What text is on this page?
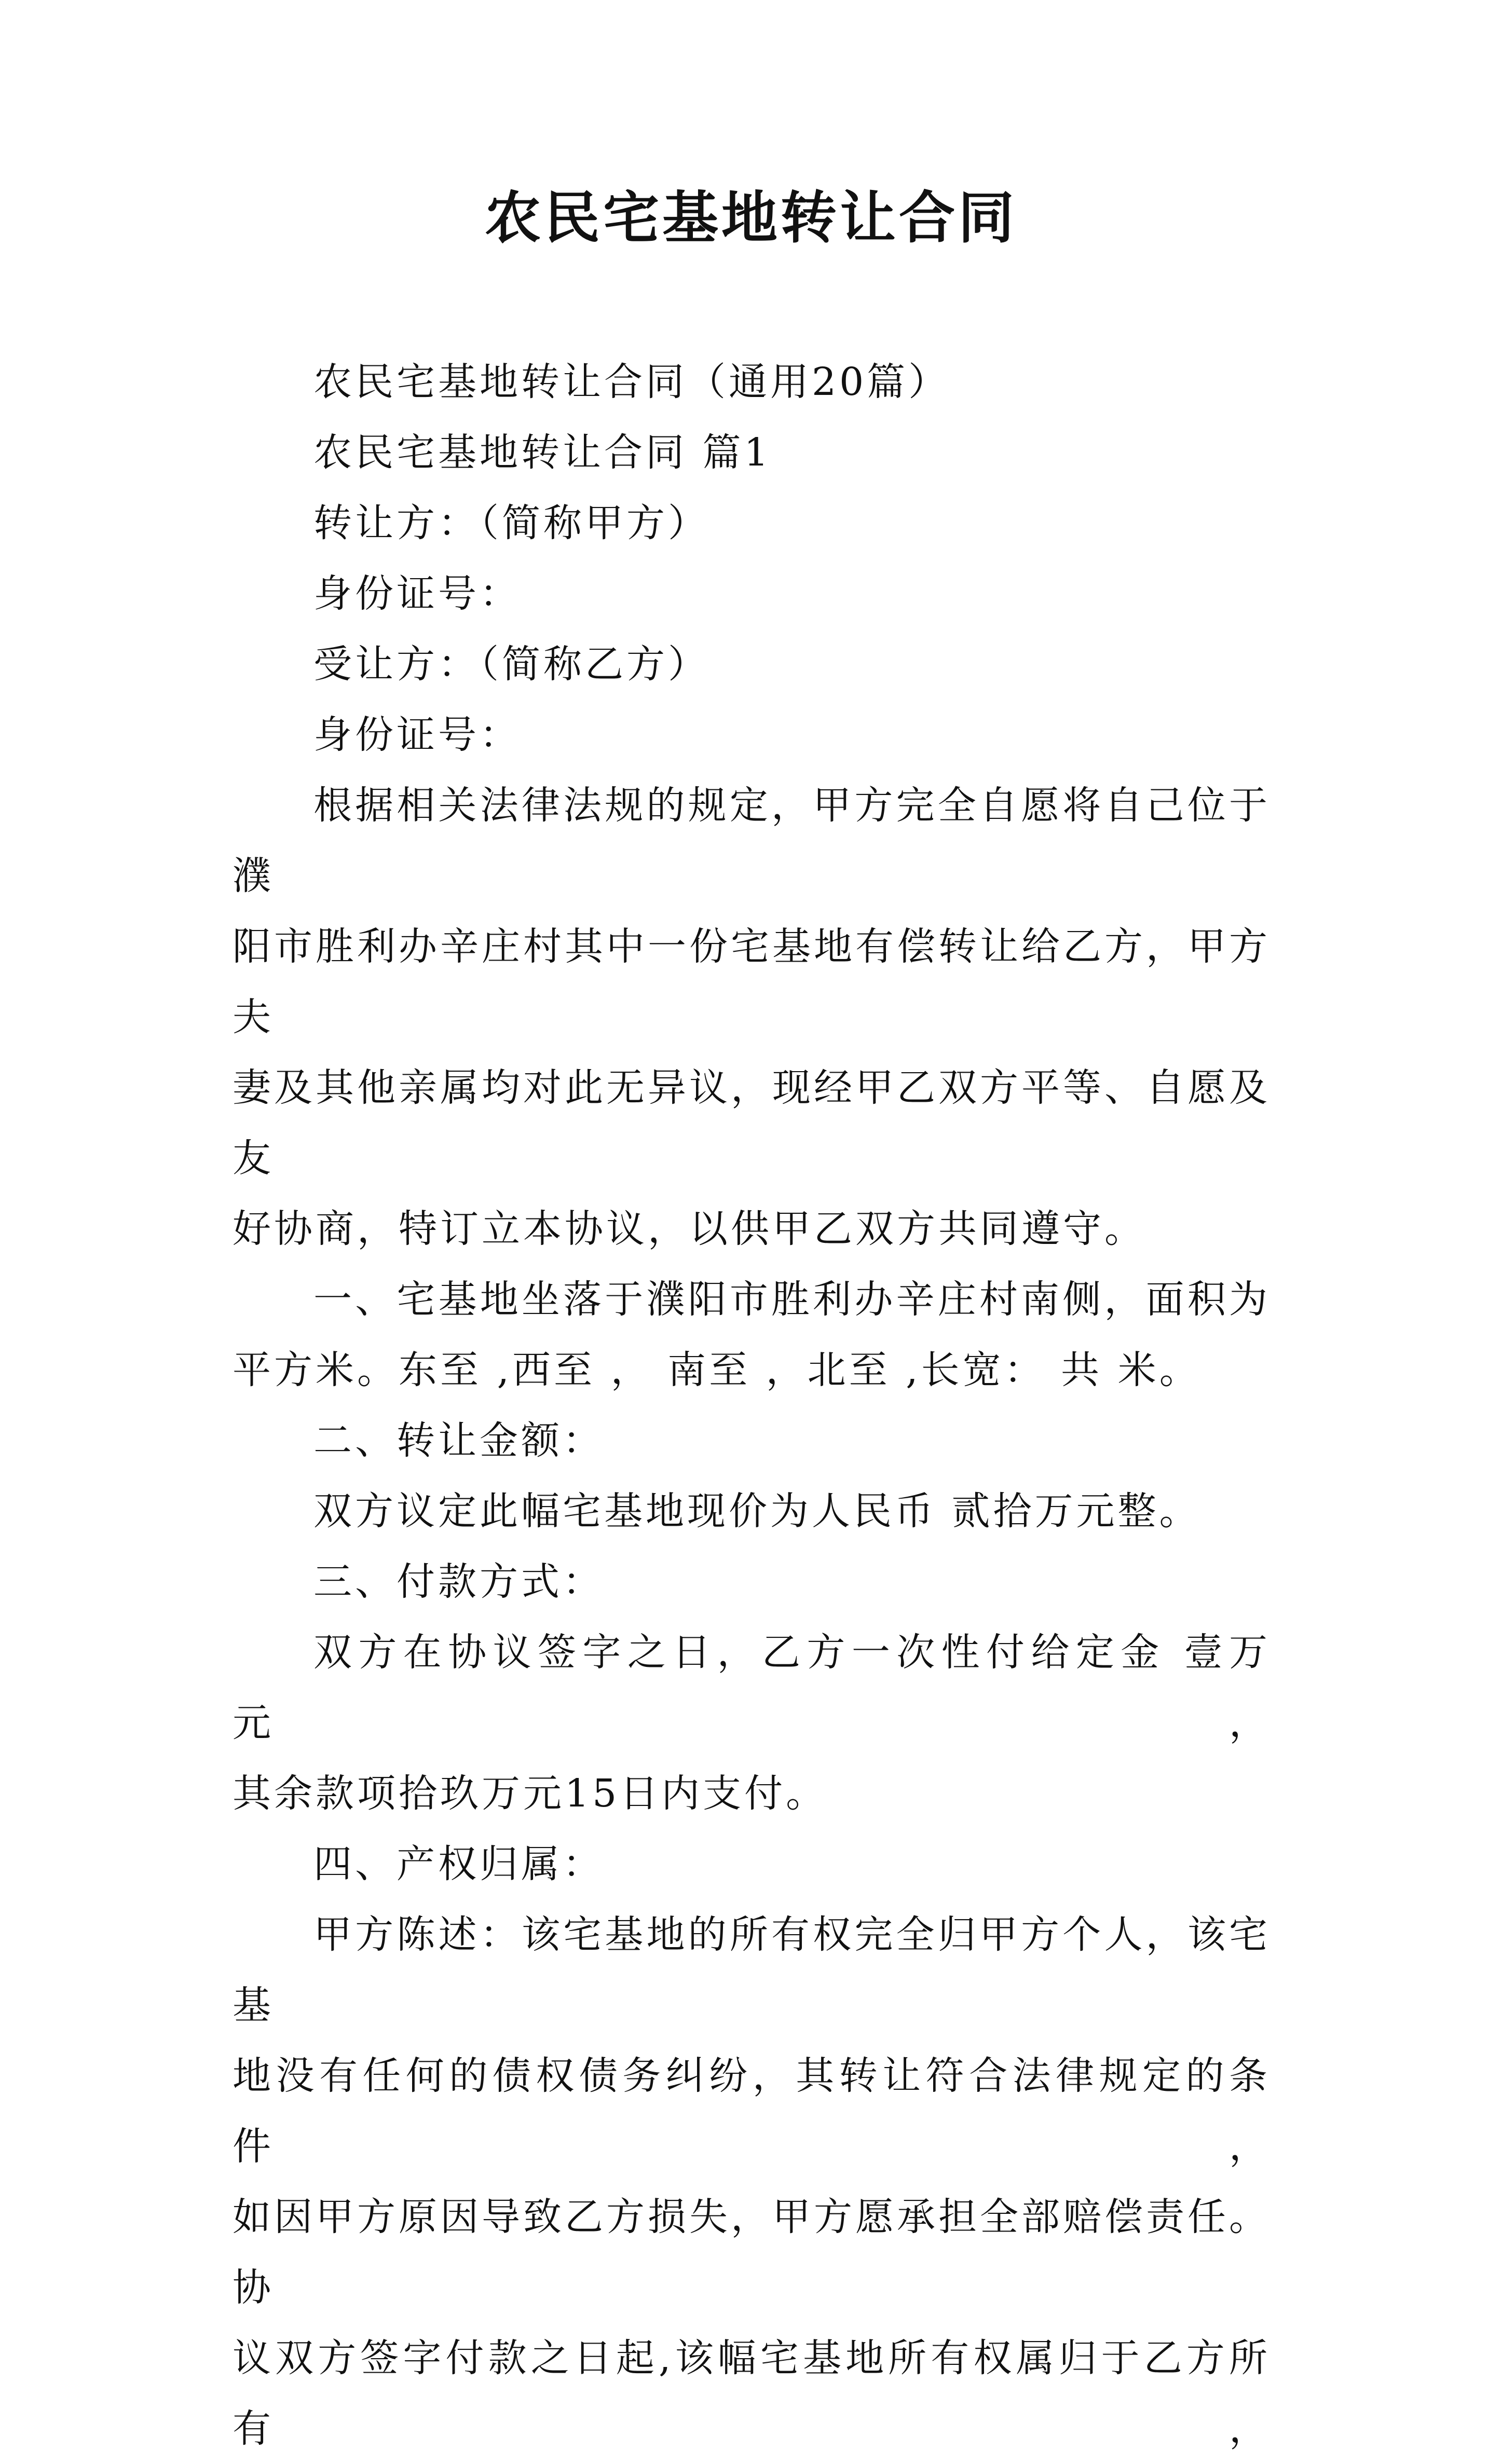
农民宅基地转让合同

农民宅基地转让合同（通用20篇）

农民宅基地转让合同 篇1

转让方：（简称甲方）

身份证号：

受让方：（简称乙方）

身份证号：

根据相关法律法规的规定，甲方完全自愿将自己位于濮

阳市胜利办辛庄村其中一份宅基地有偿转让给乙方，甲方夫

妻及其他亲属均对此无异议，现经甲乙双方平等、自愿及友

好协商，特订立本协议，以供甲乙双方共同遵守。

一、宅基地坐落于濮阳市胜利办辛庄村南侧，面积为

平方米。东至 ,西至 ， 南至 ，北至 ,长宽： 共 米。

二、转让金额：

双方议定此幅宅基地现价为人民币 贰拾万元整。

三、付款方式：

双方在协议签字之日，乙方一次性付给定金 壹万元，

其余款项拾玖万元15日内支付。

四、产权归属：

甲方陈述：该宅基地的所有权完全归甲方个人，该宅基

地没有任何的债权债务纠纷，其转让符合法律规定的条件，

如因甲方原因导致乙方损失，甲方愿承担全部赔偿责任。协

议双方签字付款之日起,该幅宅基地所有权属归于乙方所有，
